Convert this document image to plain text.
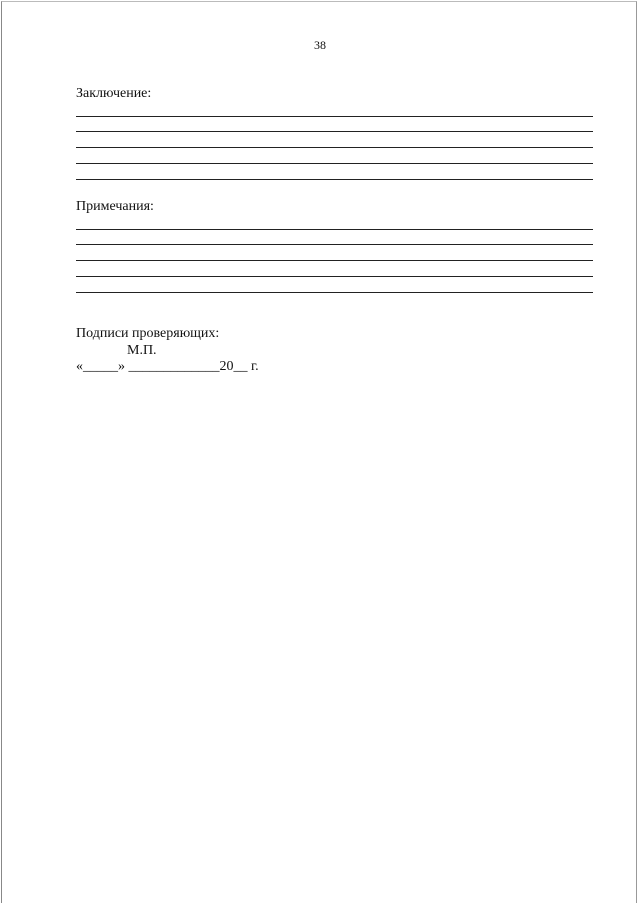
38
Заключение:
Примечания:
Подписи проверяющих:
М.П.
«_____» _____________20__ г.
